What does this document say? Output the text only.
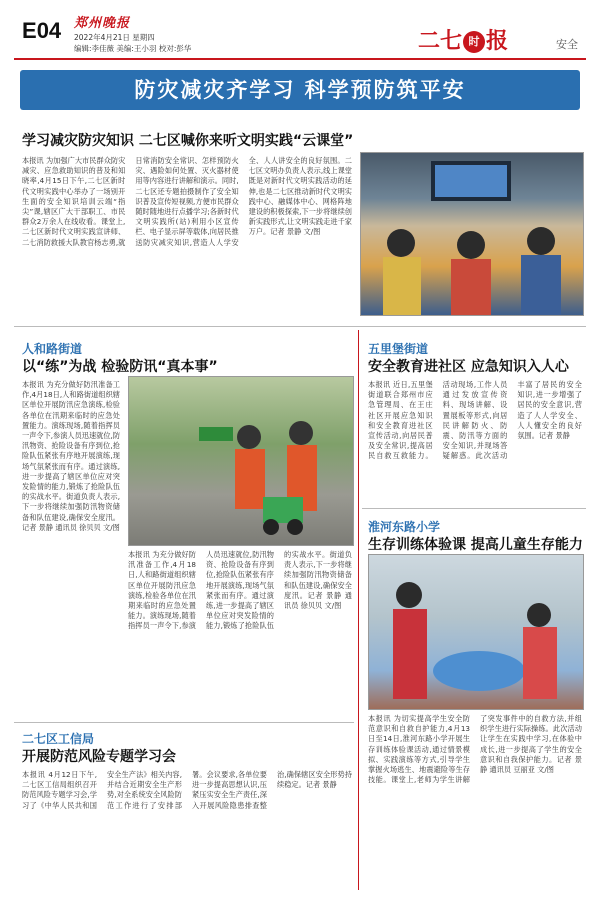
E04 郑州晚报
2022年4月21日 星期四
编辑:李佳薇 美编:王小羽 校对:彭华	二七 时 报	安全
防灾减灾齐学习 科学预防筑平安
学习减灾防灾知识 二七区喊你来听文明实践“云课堂”
本报讯 为加强广大市民群众防灾减灾、应急救助知识的普及和知晓率,4月15日下午,二七区新时代文明实践中心举办了一场别开生面的安全知识培训云端“指尖”课,辖区广大干部职工、市民群众2万余人在线收看。课堂上,二七区新时代文明实践宣讲师、二七消防救援大队教官杨志勇,就日常消防安全常识、怎样预防火灾、遇险如何处置、灭火器材使用等内容进行讲解和演示。同时,二七区还专题拍摄制作了安全知识普及宣传短视频,方便市民群众随时随地进行点播学习;各新时代文明实践所(站)利用小区宣传栏、电子显示屏等载体,向居民推送防灾减灾知识,营造人人学安全、人人讲安全的良好氛围。二七区文明办负责人表示,线上课堂既是对新时代文明实践活动的延伸,也是二七区推动新时代文明实践中心、融媒体中心、网格阵地建设的积极探索,下一步将继续创新实践形式,让文明实践走进千家万户。记者 景静 文/图
人和路街道
以“练”为战 检验防讯“真本事”
本报讯 为充分做好防汛准备工作,4月18日,人和路街道组织辖区单位开展防汛应急演练,检验各单位在汛期来临时的应急处置能力。演练现场,随着指挥员一声令下,参演人员迅速就位,防汛物资、抢险设备有序到位,抢险队伍紧张有序地开展演练,现场气氛紧张而有序。通过演练,进一步提高了辖区单位应对突发险情的能力,锻炼了抢险队伍的实战水平。街道负责人表示,下一步将继续加强防汛物资储备和队伍建设,确保安全度汛。记者 景静 通讯员 徐贝贝 文/图
本报讯 为充分做好防汛准备工作,4月18日,人和路街道组织辖区单位开展防汛应急演练,检验各单位在汛期来临时的应急处置能力。演练现场,随着指挥员一声令下,参演人员迅速就位,防汛物资、抢险设备有序到位,抢险队伍紧张有序地开展演练,现场气氛紧张而有序。通过演练,进一步提高了辖区单位应对突发险情的能力,锻炼了抢险队伍的实战水平。街道负责人表示,下一步将继续加强防汛物资储备和队伍建设,确保安全度汛。记者 景静 通讯员 徐贝贝 文/图
五里堡街道
安全教育进社区 应急知识入人心
本报讯 近日,五里堡街道联合郑州市应急管理局、在王庄社区开展应急知识和安全教育进社区宣传活动,向居民普及安全常识,提高居民自救互救能力。活动现场,工作人员通过发放宣传资料、现场讲解、设置展板等形式,向居民讲解防火、防震、防汛等方面的安全知识,并现场答疑解惑。此次活动丰富了居民的安全知识,进一步增强了居民的安全意识,营造了人人学安全、人人懂安全的良好氛围。记者 景静
淮河东路小学
生存训练体验课 提高儿童生存能力
本报讯 为切实提高学生安全防范意识和自救自护能力,4月13日至14日,淮河东路小学开展生存训练体验课活动,通过情景模拟、实践演练等方式,引导学生掌握火场逃生、地震避险等生存技能。课堂上,老师为学生讲解了突发事件中的自救方法,并组织学生进行实际操练。此次活动让学生在实践中学习,在体验中成长,进一步提高了学生的安全意识和自我保护能力。记者 景静 通讯员 豆丽亚 文/图
二七区工信局
开展防范风险专题学习会
本报讯 4月12日下午,二七区工信局组织召开防范风险专题学习会,学习了《中华人民共和国安全生产法》相关内容,并结合近期安全生产形势,对全系统安全风险防范工作进行了安排部署。会议要求,各单位要进一步提高思想认识,压紧压实安全生产责任,深入开展风险隐患排查整治,确保辖区安全形势持续稳定。记者 景静
